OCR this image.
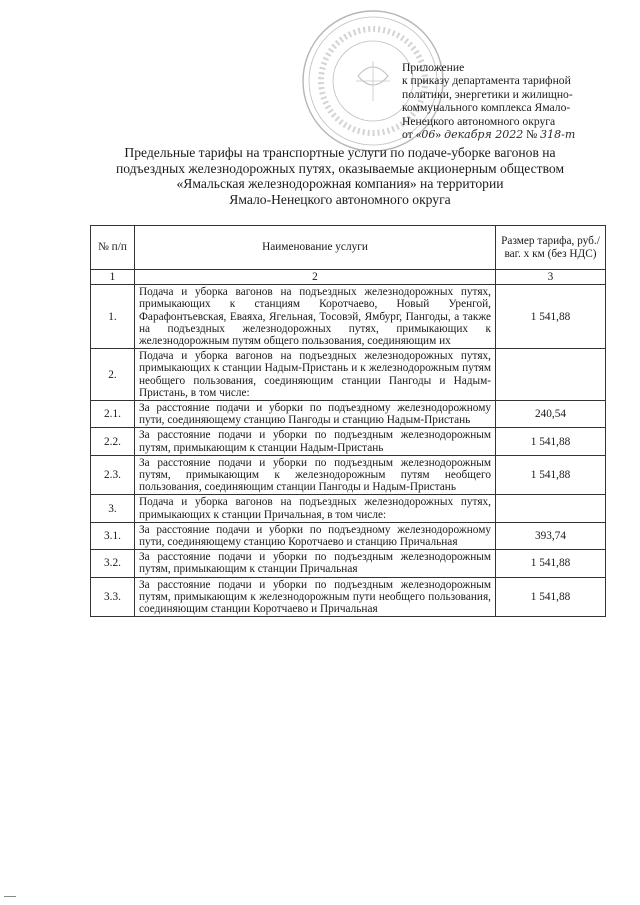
Приложение
к приказу департамента тарифной
политики, энергетики и жилищно-
коммунального комплекса Ямало-
Ненецкого автономного округа
от «06» декабря 2022 № 318-т
Предельные тарифы на транспортные услуги по подаче-уборке вагонов на
подъездных железнодорожных путях, оказываемые акционерным обществом
«Ямальская железнодорожная компания» на территории
Ямало-Ненецкого автономного округа
№ п/п	Наименование услуги	Размер тарифа, руб./ваг. х км (без НДС)
1	2	3
1.	Подача и уборка вагонов на подъездных железнодорожных путях, примыкающих к станциям Коротчаево, Новый Уренгой, Фарафонтьевская, Еваяха, Ягельная, Тосовэй, Ямбург, Пангоды, а также на подъездных железнодорожных путях, примыкающих к железнодорожным путям общего пользования, соединяющим их	1 541,88
2.	Подача и уборка вагонов на подъездных железнодорожных путях, примыкающих к станции Надым-Пристань и к железнодорожным путям необщего пользования, соединяющим станции Пангоды и Надым-Пристань, в том числе:	
2.1.	За расстояние подачи и уборки по подъездному железнодорожному пути, соединяющему станцию Пангоды и станцию Надым-Пристань	240,54
2.2.	За расстояние подачи и уборки по подъездным железнодорожным путям, примыкающим к станции Надым-Пристань	1 541,88
2.3.	За расстояние подачи и уборки по подъездным железнодорожным путям, примыкающим к железнодорожным путям необщего пользования, соединяющим станции Пангоды и Надым-Пристань	1 541,88
3.	Подача и уборка вагонов на подъездных железнодорожных путях, примыкающих к станции Причальная, в том числе:	
3.1.	За расстояние подачи и уборки по подъездному железнодорожному пути, соединяющему станцию Коротчаево и станцию Причальная	393,74
3.2.	За расстояние подачи и уборки по подъездным железнодорожным путям, примыкающим к станции Причальная	1 541,88
3.3.	За расстояние подачи и уборки по подъездным железнодорожным путям, примыкающим к железнодорожным пути необщего пользования, соединяющим станции Коротчаево и Причальная	1 541,88
